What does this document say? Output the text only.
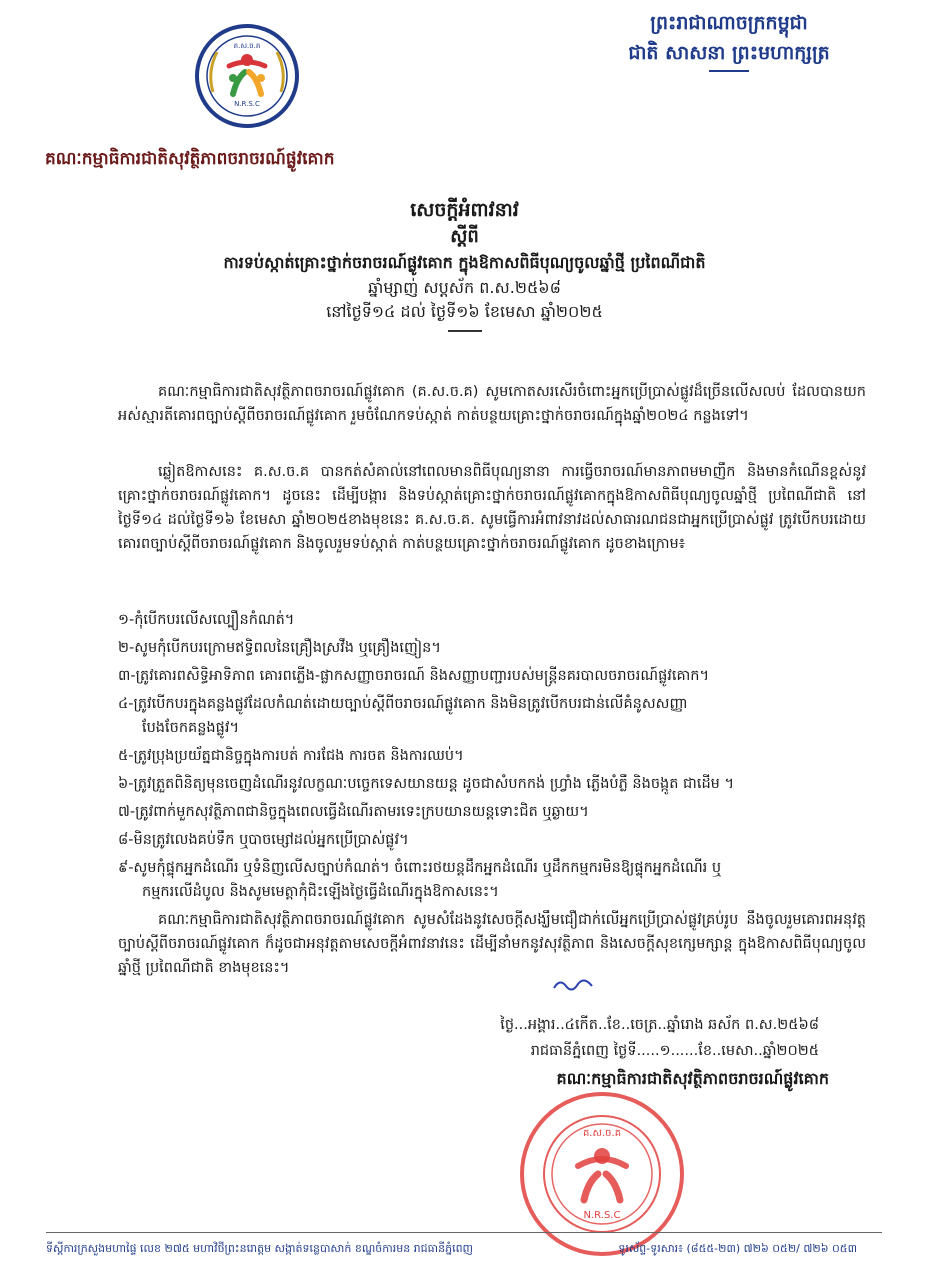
ព្រះរាជាណាចក្រកម្ពុជា
ជាតិ សាសនា ព្រះមហាក្សត្រ
គ.ស.ច.គ
N.R.S.C
គណៈកម្មាធិការជាតិសុវត្ថិភាពចរាចរណ៍ផ្លូវគោក
សេចក្តីអំពាវនាវ
ស្តីពី
ការទប់ស្កាត់គ្រោះថ្នាក់ចរាចរណ៍ផ្លូវគោក ក្នុងឱកាសពិធីបុណ្យចូលឆ្នាំថ្មី ប្រពៃណីជាតិ
ឆ្នាំម្សាញ់ សប្តស័ក ព.ស.២៥៦៨
នៅថ្ងៃទី១៤ ដល់ ថ្ងៃទី១៦ ខែមេសា ឆ្នាំ២០២៥
គណៈកម្មាធិការជាតិសុវត្ថិភាពចរាចរណ៍ផ្លូវគោក (គ.ស.ច.គ) សូមកោតសរសើរចំពោះអ្នកប្រើប្រាស់ផ្លូវដ៏ច្រើនលើសលប់ ដែលបានយកអស់ស្មារតីគោរពច្បាប់ស្តីពីចរាចរណ៍ផ្លូវគោក រួមចំណែកទប់ស្កាត់ កាត់បន្ថយគ្រោះថ្នាក់ចរាចរណ៍ក្នុងឆ្នាំ២០២៤ កន្លងទៅ។
ឆ្លៀតឱកាសនេះ គ.ស.ច.គ បានកត់សំគាល់នៅពេលមានពិធីបុណ្យនានា ការធ្វើចរាចរណ៍មានភាពមមាញឹក និងមានកំណើនខ្ពស់នូវគ្រោះថ្នាក់ចរាចរណ៍ផ្លូវគោក។ ដូចនេះ ដើម្បីបង្ការ និងទប់ស្កាត់គ្រោះថ្នាក់ចរាចរណ៍ផ្លូវគោកក្នុងឱកាសពិធីបុណ្យចូលឆ្នាំថ្មី ប្រពៃណីជាតិ នៅថ្ងៃទី១៤ ដល់ថ្ងៃទី១៦ ខែមេសា ឆ្នាំ២០២៥ខាងមុខនេះ គ.ស.ច.គ. សូមធ្វើការអំពាវនាវដល់សាធារណជនជាអ្នកប្រើប្រាស់ផ្លូវ ត្រូវបើកបរដោយគោរពច្បាប់ស្តីពីចរាចរណ៍ផ្លូវគោក និងចូលរួមទប់ស្កាត់ កាត់បន្ថយគ្រោះថ្នាក់ចរាចរណ៍ផ្លូវគោក ដូចខាងក្រោម៖
១-កុំបើកបរលើសល្បឿនកំណត់។
២-សូមកុំបើកបរក្រោមឥទ្ធិពលនៃគ្រឿងស្រវឹង ឬគ្រឿងញៀន។
៣-ត្រូវគោរពសិទ្ធិអាទិភាព គោរពភ្លើង-ផ្លាកសញ្ញាចរាចរណ៍ និងសញ្ញាបញ្ជារបស់មន្ត្រីនគរបាលចរាចរណ៍ផ្លូវគោក។
៤-ត្រូវបើកបរក្នុងគន្លងផ្លូវដែលកំណត់ដោយច្បាប់ស្តីពីចរាចរណ៍ផ្លូវគោក និងមិនត្រូវបើកបរជាន់លើគំនូសសញ្ញា
បែងចែកគន្លងផ្លូវ។
៥-ត្រូវប្រុងប្រយ័ត្នជានិច្ចក្នុងការបត់ ការជែង ការចត និងការឈប់។
៦-ត្រូវត្រួតពិនិត្យមុនចេញដំណើរនូវលក្ខណៈបច្ចេកទេសយានយន្ត ដូចជាសំបកកង់ ហ្វ្រាំង ភ្លើងបំភ្លឺ និងចង្កូត ជាដើម ។
៧-ត្រូវពាក់មួកសុវត្ថិភាពជានិច្ចក្នុងពេលធ្វើដំណើរតាមរទេះក្របយានយន្តទោះជិត ឬឆ្ងាយ។
៨-មិនត្រូវលេងគប់ទឹក ឬបាចម្សៅដល់អ្នកប្រើប្រាស់ផ្លូវ។
៩-សូមកុំផ្ទុកអ្នកដំណើរ ឬទំនិញលើសច្បាប់កំណត់។ ចំពោះរថយន្តដឹកអ្នកដំណើរ ឬដឹកកម្មករមិនឱ្យផ្ទុកអ្នកដំណើរ ឬ
កម្មករលើដំបូល និងសូមមេត្តាកុំជិះឡើងថ្ងៃធ្វើដំណើរក្នុងឱកាសនេះ។
គណៈកម្មាធិការជាតិសុវត្ថិភាពចរាចរណ៍ផ្លូវគោក សូមសំដែងនូវសេចក្តីសង្ឃឹមជឿជាក់លើអ្នកប្រើប្រាស់ផ្លូវគ្រប់រូប នឹងចូលរួមគោរពអនុវត្តច្បាប់ស្តីពីចរាចរណ៍ផ្លូវគោក ក៏ដូចជាអនុវត្តតាមសេចក្តីអំពាវនាវនេះ ដើម្បីនាំមកនូវសុវត្ថិភាព និងសេចក្តីសុខក្សេមក្សាន្ត ក្នុងឱកាសពិធីបុណ្យចូលឆ្នាំថ្មី ប្រពៃណីជាតិ ខាងមុខនេះ។
ថ្ងៃ...អង្គារ..៤កើត..ខែ..ចេត្រ..ឆ្នាំរោង ឆស័ក ព.ស.២៥៦៨
រាជធានីភ្នំពេញ ថ្ងៃទី.....១......ខែ..មេសា..ឆ្នាំ២០២៥
គណៈកម្មាធិការជាតិសុវត្ថិភាពចរាចរណ៍ផ្លូវគោក
គ.ស.ច.គ
N.R.S.C
ទីស្តីការក្រសួងមហាផ្ទៃ លេខ ២៧៥ មហាវិថីព្រះនរោត្តម សង្កាត់ទន្លេបាសាក់ ខណ្ឌចំការមន រាជធានីភ្នំពេញ	ទូរស័ព្ទ-ទូរសារ៖ (៨៥៥-២៣) ៧២៦ ០៥២/ ៧២៦ ០៥៣
